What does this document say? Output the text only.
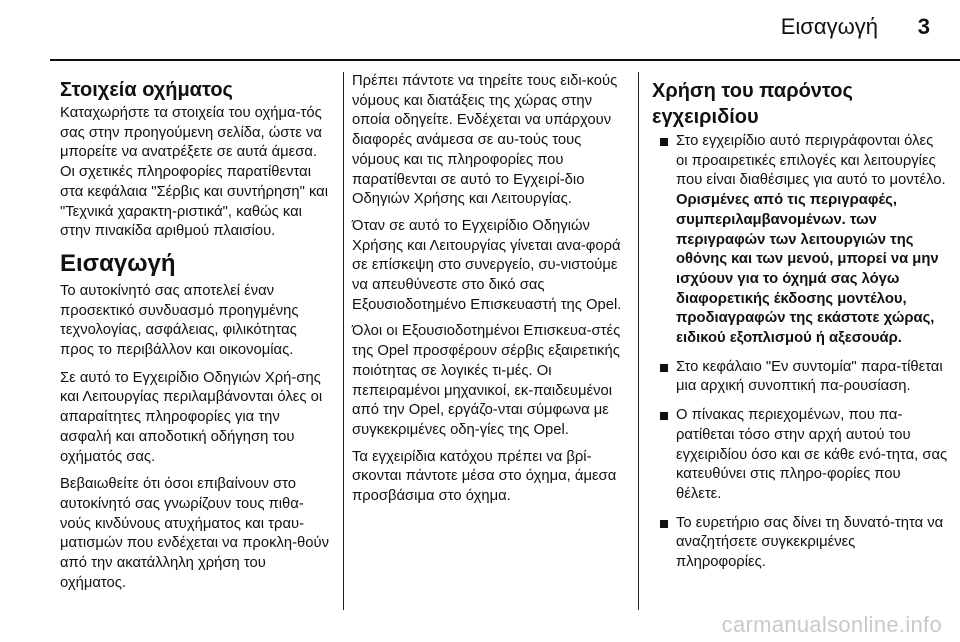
Εισαγωγή 3
Στοιχεία οχήματος

Καταχωρήστε τα στοιχεία του οχήμα-τός σας στην προηγούμενη σελίδα, ώστε να μπορείτε να ανατρέξετε σε αυτά άμεσα. Οι σχετικές πληροφορίες παρατίθενται στα κεφάλαια "Σέρβις και συντήρηση" και "Τεχνικά χαρακτη-ριστικά", καθώς και στην πινακίδα αριθμού πλαισίου.

Εισαγωγή

Το αυτοκίνητό σας αποτελεί έναν προσεκτικό συνδυασμό προηγμένης τεχνολογίας, ασφάλειας, φιλικότητας προς το περιβάλλον και οικονομίας.

Σε αυτό το Εγχειρίδιο Οδηγιών Χρή-σης και Λειτουργίας περιλαμβάνονται όλες οι απαραίτητες πληροφορίες για την ασφαλή και αποδοτική οδήγηση του οχήματός σας.

Βεβαιωθείτε ότι όσοι επιβαίνουν στο αυτοκίνητό σας γνωρίζουν τους πιθα-νούς κινδύνους ατυχήματος και τραυ-ματισμών που ενδέχεται να προκλη-θούν από την ακατάλληλη χρήση του οχήματος.

Πρέπει πάντοτε να τηρείτε τους ειδι-κούς νόμους και διατάξεις της χώρας στην οποία οδηγείτε. Ενδέχεται να υπάρχουν διαφορές ανάμεσα σε αυ-τούς τους νόμους και τις πληροφορίες που παρατίθενται σε αυτό το Εγχειρί-διο Οδηγιών Χρήσης και Λειτουργίας.

Όταν σε αυτό το Εγχειρίδιο Οδηγιών Χρήσης και Λειτουργίας γίνεται ανα-φορά σε επίσκεψη στο συνεργείο, συ-νιστούμε να απευθύνεστε στο δικό σας Εξουσιοδοτημένο Επισκευαστή της Opel.

Όλοι οι Εξουσιοδοτημένοι Επισκευα-στές της Opel προσφέρουν σέρβις εξαιρετικής ποιότητας σε λογικές τι-μές. Οι πεπειραμένοι μηχανικοί, εκ-παιδευμένοι από την Opel, εργάζο-νται σύμφωνα με συγκεκριμένες οδη-γίες της Opel.

Τα εγχειρίδια κατόχου πρέπει να βρί-σκονται πάντοτε μέσα στο όχημα, άμεσα προσβάσιμα στο όχημα.

Χρήση του παρόντος εγχειριδίου
Στο εγχειρίδιο αυτό περιγράφονται όλες οι προαιρετικές επιλογές και λειτουργίες που είναι διαθέσιμες για αυτό το μοντέλο. Ορισμένες από τις περιγραφές, συμπεριλαμβανομένων. των περιγραφών των λειτουργιών της οθόνης και των μενού, μπορεί να μην ισχύουν για το όχημά σας λόγω διαφορετικής έκδοσης μοντέλου, προδιαγραφών της εκάστοτε χώρας, ειδικού εξοπλισμού ή αξεσουάρ.
Στο κεφάλαιο "Εν συντομία" παρα-τίθεται μια αρχική συνοπτική πα-ρουσίαση.
Ο πίνακας περιεχομένων, που πα-ρατίθεται τόσο στην αρχή αυτού του εγχειριδίου όσο και σε κάθε ενό-τητα, σας κατευθύνει στις πληρο-φορίες που θέλετε.
Το ευρετήριο σας δίνει τη δυνατό-τητα να αναζητήσετε συγκεκριμένες πληροφορίες.
carmanualsonline.info
